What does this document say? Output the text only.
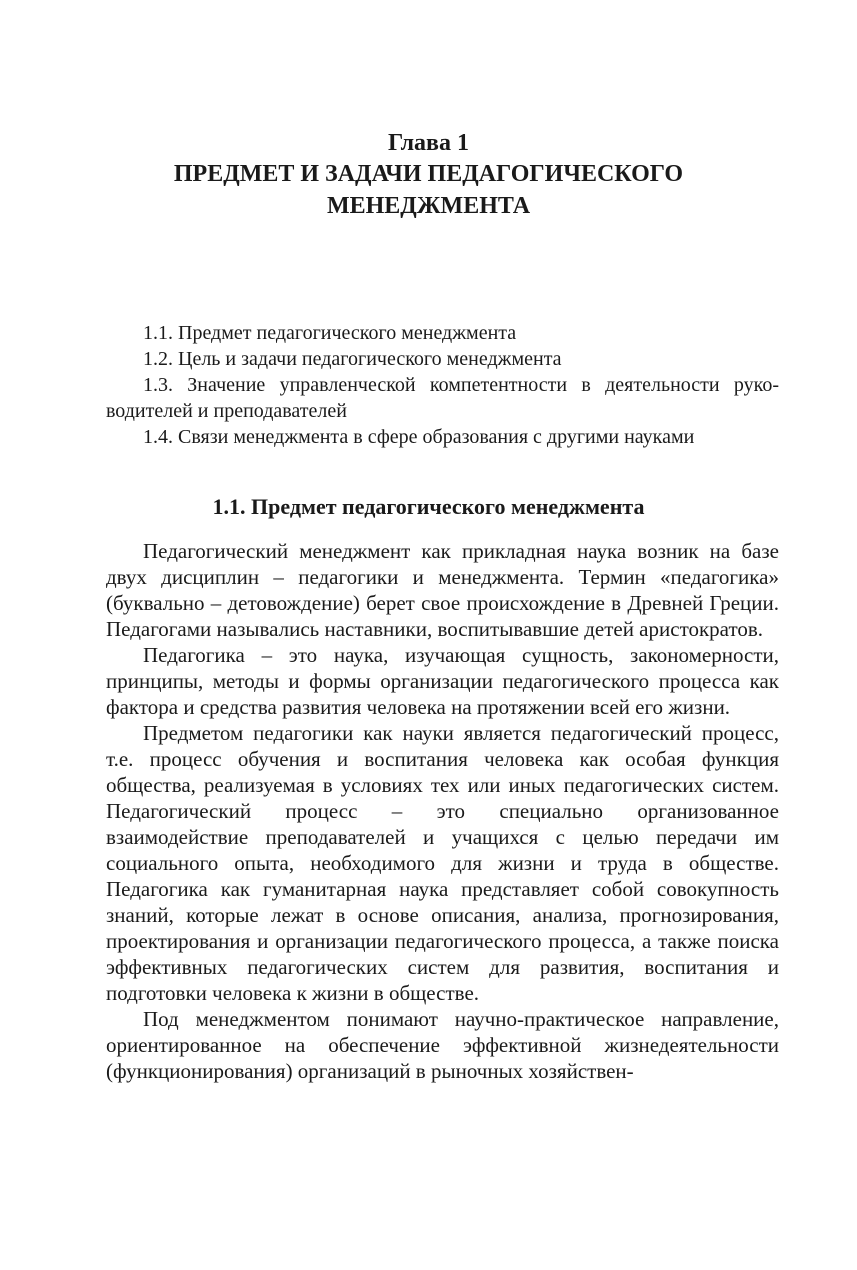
Глава 1
ПРЕДМЕТ И ЗАДАЧИ ПЕДАГОГИЧЕСКОГО МЕНЕДЖМЕНТА
1.1. Предмет педагогического менеджмента
1.2. Цель и задачи педагогического менеджмента
1.3. Значение управленческой компетентности в деятельности руководителей и преподавателей
1.4. Связи менеджмента в сфере образования с другими науками
1.1. Предмет педагогического менеджмента

Педагогический менеджмент как прикладная наука возник на базе двух дисциплин – педагогики и менеджмента. Термин «педагогика» (буквально – детовождение) берет свое происхождение в Древней Греции. Педагогами назывались наставники, воспитывавшие детей аристократов.

Педагогика – это наука, изучающая сущность, закономерности, принципы, методы и формы организации педагогического процесса как фактора и средства развития человека на протяжении всей его жизни.

Предметом педагогики как науки является педагогический процесс, т.е. процесс обучения и воспитания человека как особая функция общества, реализуемая в условиях тех или иных педагогических систем. Педагогический процесс – это специально организованное взаимодействие преподавателей и учащихся с целью передачи им социального опыта, необходимого для жизни и труда в обществе. Педагогика как гуманитарная наука представляет собой совокупность знаний, которые лежат в основе описания, анализа, прогнозирования, проектирования и организации педагогического процесса, а также поиска эффективных педагогических систем для развития, воспитания и подготовки человека к жизни в обществе.

Под менеджментом понимают научно-практическое направление, ориентированное на обеспечение эффективной жизнедеятельности (функционирования) организаций в рыночных хозяйствен-
